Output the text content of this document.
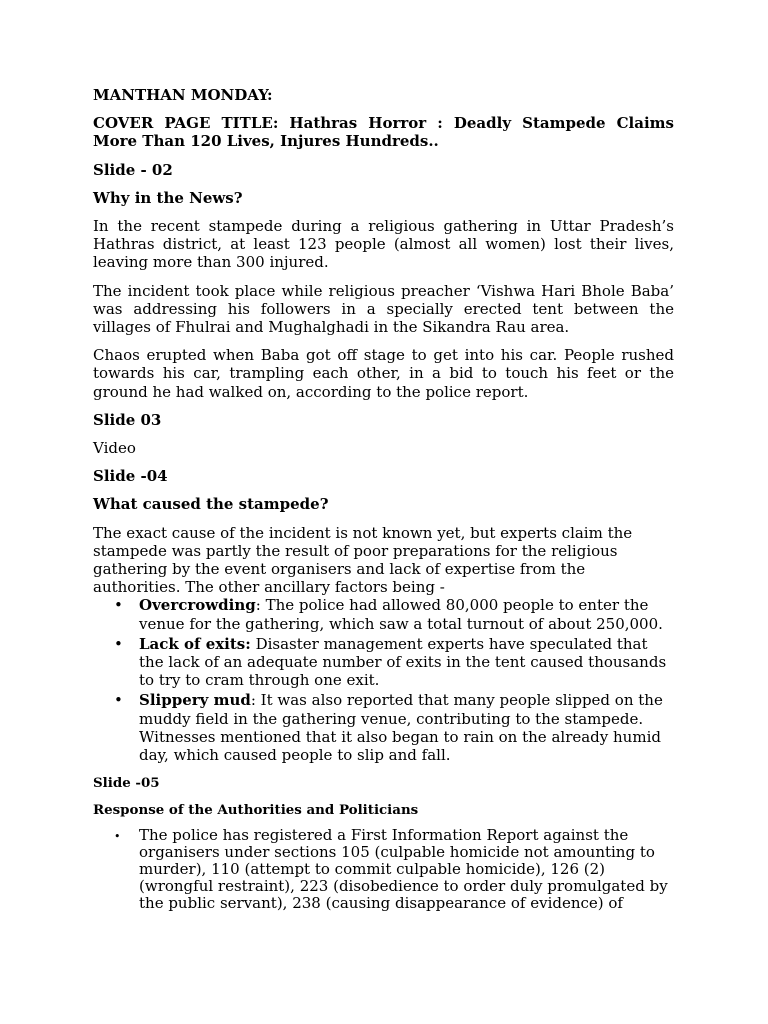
MANTHAN MONDAY:
COVER PAGE TITLE: Hathras Horror : Deadly Stampede Claims More Than 120 Lives, Injures Hundreds..
Slide - 02
Why in the News?
In the recent stampede during a religious gathering in Uttar Pradesh’s Hathras district, at least 123 people (almost all women) lost their lives, leaving more than 300 injured.
The incident took place while religious preacher ‘Vishwa Hari Bhole Baba’ was addressing his followers in a specially erected tent between the villages of Fhulrai and Mughalghadi in the Sikandra Rau area.
Chaos erupted when Baba got off stage to get into his car. People rushed towards his car, trampling each other, in a bid to touch his feet or the ground he had walked on, according to the police report.
Slide 03
Video
Slide -04
What caused the stampede?
The exact cause of the incident is not known yet, but experts claim the stampede was partly the result of poor preparations for the religious gathering by the event organisers and lack of expertise from the authorities. The other ancillary factors being -
• Overcrowding: The police had allowed 80,000 people to enter the venue for the gathering, which saw a total turnout of about 250,000.
• Lack of exits: Disaster management experts have speculated that the lack of an adequate number of exits in the tent caused thousands to try to cram through one exit.
• Slippery mud: It was also reported that many people slipped on the muddy field in the gathering venue, contributing to the stampede. Witnesses mentioned that it also began to rain on the already humid day, which caused people to slip and fall.
Slide -05
Response of the Authorities and Politicians
• The police has registered a First Information Report against the organisers under sections 105 (culpable homicide not amounting to murder), 110 (attempt to commit culpable homicide), 126 (2) (wrongful restraint), 223 (disobedience to order duly promulgated by the public servant), 238 (causing disappearance of evidence) of
